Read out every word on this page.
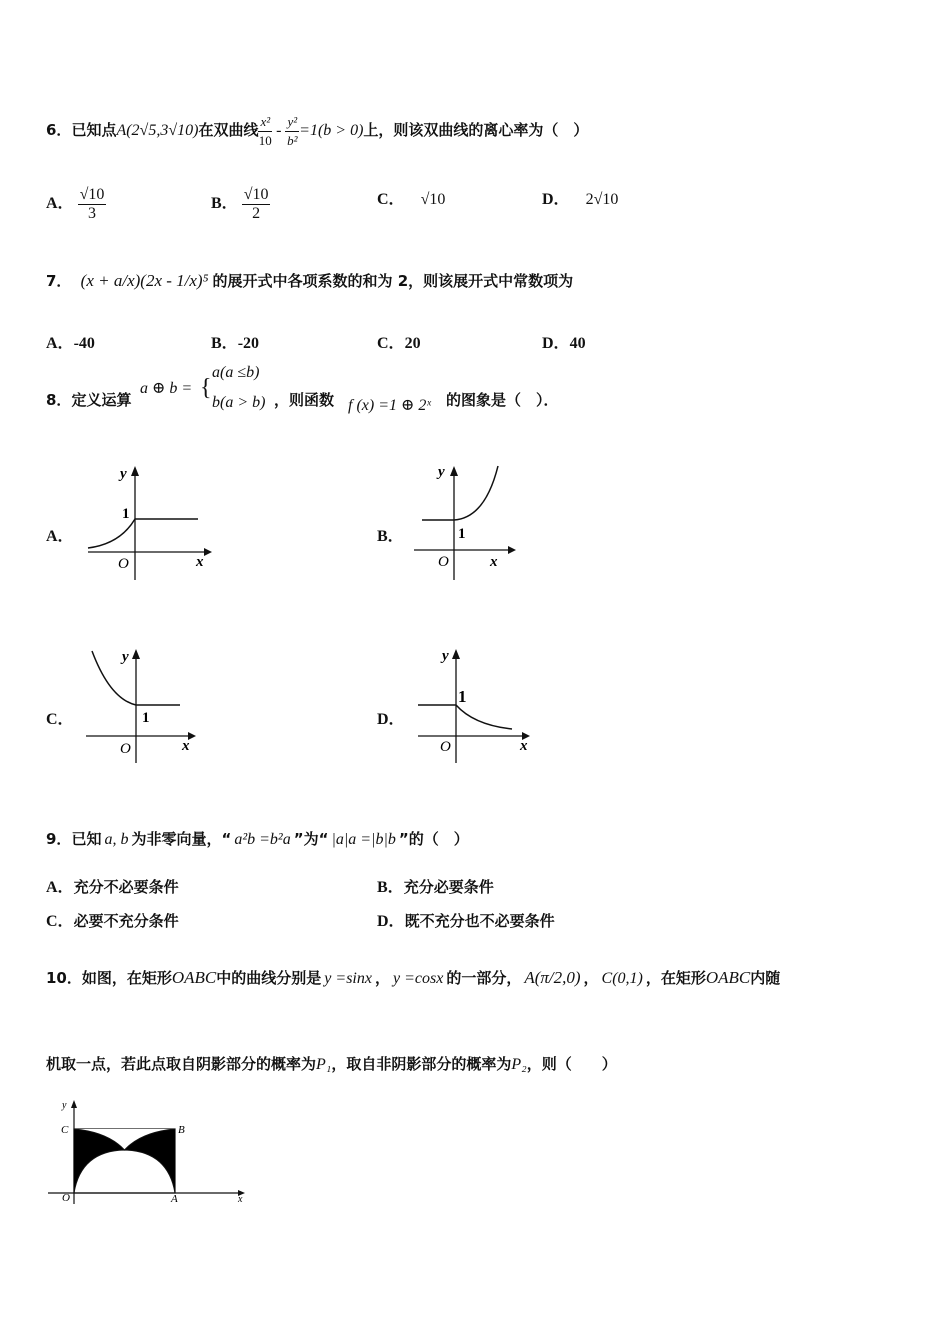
6．已知点A(2√5,3√10)在双曲线 $\frac{\text{x²}}{10} - \frac{\text{y²}}{\text{b²}} =1(b > 0)$上，则该双曲线的离心率为（　）
A． $\frac{√10}{3}$	B． $\frac{√10}{2}$	C． √10	D． 2√10
7． (x + a/x)(2x - 1/x)⁵ 的展开式中各项系数的和为 2，则该展开式中常数项为
A．-40	B．-20	C．20	D．40
8．定义运算
a ⊕ b = {
a(a ≤b)
b(a > b) ，则函数 f (x) =1 ⊕ 2ˣ 的图象是（　）．
A．
y
x
O
1
B．
y
x
O
1
C．
y
x
O
1	D．
y
x
O
1
9．已知 a, b 为非零向量，“ a²b =b²a ”为“ |a|a =|b|b ”的（　）
A．充分不必要条件	B．充分必要条件
C．必要不充分条件	D．既不充分也不必要条件
10．如图，在矩形OABC中的曲线分别是 y =sinx ， y =cosx 的一部分， A(π/2,0) ， C(0,1) ，在矩形OABC内随
机取一点，若此点取自阴影部分的概率为P₁，取自非阴影部分的概率为P₂，则（　　）
y
x
C	B
O	A
